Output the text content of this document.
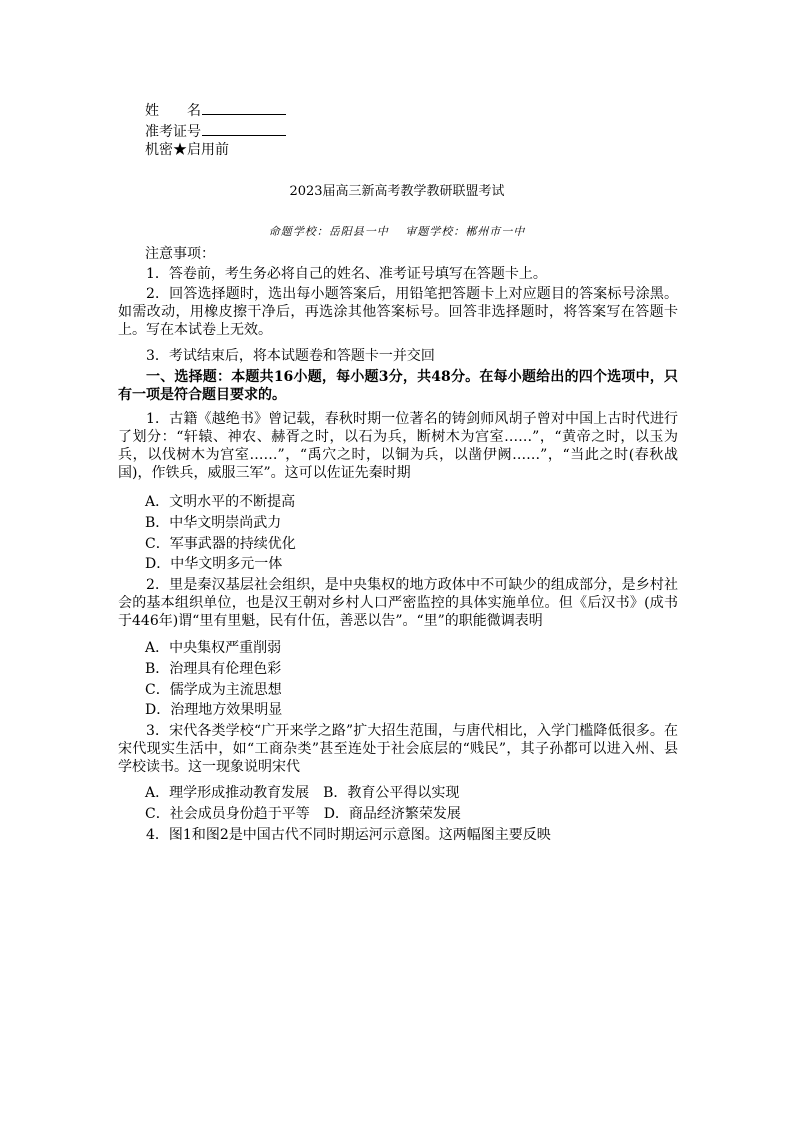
姓　　名
准考证号
机密★启用前
2023届高三新高考教学教研联盟考试
命题学校：岳阳县一中　 审题学校：郴州市一中
注意事项：
1．答卷前，考生务必将自己的姓名、准考证号填写在答题卡上。
2．回答选择题时，选出每小题答案后，用铅笔把答题卡上对应题目的答案标号涂黑。如需改动，用橡皮擦干净后，再选涂其他答案标号。回答非选择题时，将答案写在答题卡上。写在本试卷上无效。
3．考试结束后，将本试题卷和答题卡一并交回
一、选择题：本题共16小题，每小题3分，共48分。在每小题给出的四个选项中，只有一项是符合题目要求的。
1．古籍《越绝书》曾记载，春秋时期一位著名的铸剑师风胡子曾对中国上古时代进行了划分：“轩辕、神农、赫胥之时，以石为兵，断树木为宫室……”，“黄帝之时，以玉为兵，以伐树木为宫室……”，“禹穴之时，以铜为兵，以凿伊阙……”，“当此之时(春秋战国)，作铁兵，威服三军”。这可以佐证先秦时期
A．文明水平的不断提高
B．中华文明崇尚武力
C．军事武器的持续优化
D．中华文明多元一体
2．里是秦汉基层社会组织，是中央集权的地方政体中不可缺少的组成部分，是乡村社会的基本组织单位，也是汉王朝对乡村人口严密监控的具体实施单位。但《后汉书》(成书于446年)谓“里有里魁，民有什伍，善恶以告”。“里”的职能微调表明
A．中央集权严重削弱
B．治理具有伦理色彩
C．儒学成为主流思想
D．治理地方效果明显
3．宋代各类学校“广开来学之路”扩大招生范围，与唐代相比，入学门槛降低很多。在宋代现实生活中，如“工商杂类”甚至连处于社会底层的“贱民”，其子孙都可以进入州、县学校读书。这一现象说明宋代
A．理学形成推动教育发展　B．教育公平得以实现
C．社会成员身份趋于平等　D．商品经济繁荣发展
4．图1和图2是中国古代不同时期运河示意图。这两幅图主要反映
